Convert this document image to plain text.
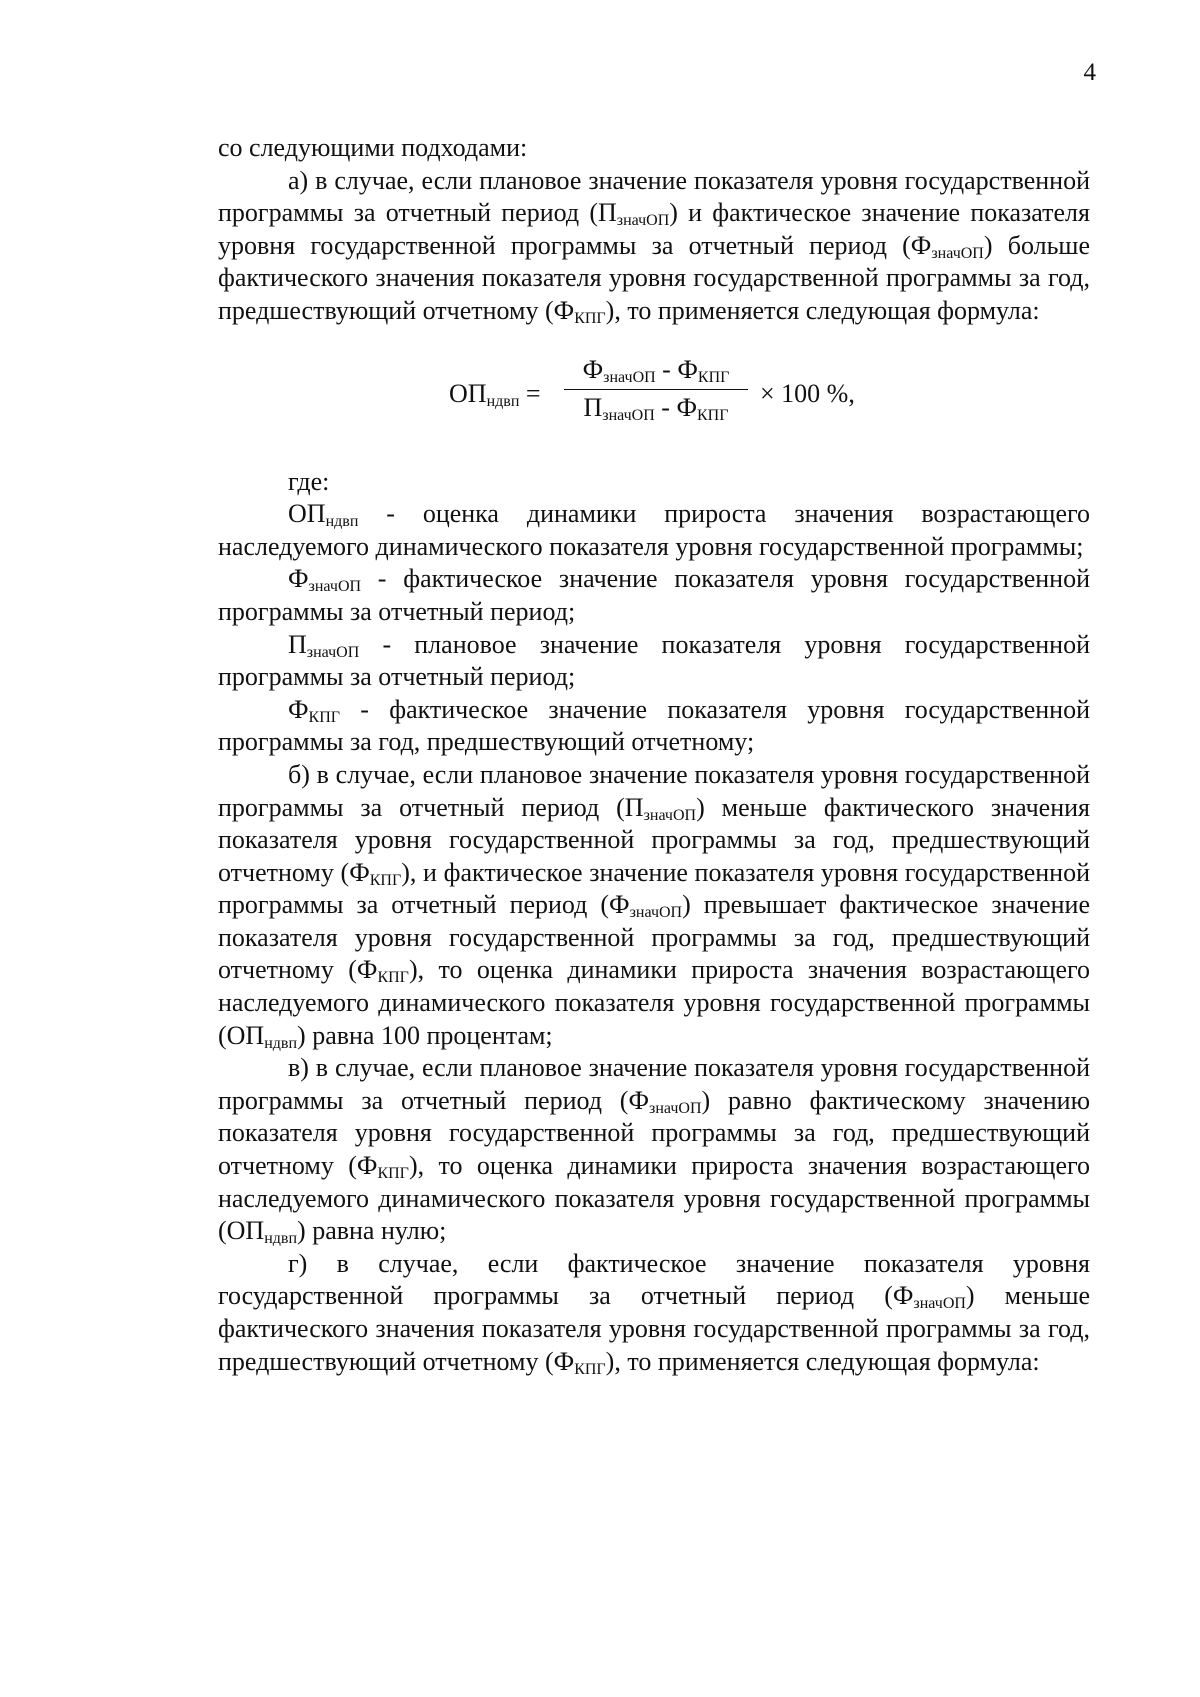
4

со следующими подходами:

а) в случае, если плановое значение показателя уровня государственной программы за отчетный период $(П_{значОП})$ и фактическое значение показателя уровня государственной программы за отчетный период $(Ф_{значОП})$ больше фактического значения показателя уровня государственной программы за год, предшествующий отчетному $(Ф_{КПГ})$, то применяется следующая формула:

$ОП_{ндвп}$ =
$Ф_{значОП} - Ф_{КПГ}$
$П_{значОП} - Ф_{КПГ}$
× 100 %,

где:

$ОП_{ндвп}$ - оценка динамики прироста значения возрастающего наследуемого динамического показателя уровня государственной программы;

$Ф_{значОП}$ - фактическое значение показателя уровня государственной программы за отчетный период;

$П_{значОП}$ - плановое значение показателя уровня государственной программы за отчетный период;

$Ф_{КПГ}$ - фактическое значение показателя уровня государственной программы за год, предшествующий отчетному;

б) в случае, если плановое значение показателя уровня государственной программы за отчетный период $(П_{значОП})$ меньше фактического значения показателя уровня государственной программы за год, предшествующий отчетному $(Ф_{КПГ})$, и фактическое значение показателя уровня государственной программы за отчетный период $(Ф_{значОП})$ превышает фактическое значение показателя уровня государственной программы за год, предшествующий отчетному $(Ф_{КПГ})$, то оценка динамики прироста значения возрастающего наследуемого динамического показателя уровня государственной программы $(ОП_{ндвп})$ равна 100 процентам;

в) в случае, если плановое значение показателя уровня государственной программы за отчетный период $(Ф_{значОП})$ равно фактическому значению показателя уровня государственной программы за год, предшествующий отчетному $(Ф_{КПГ})$, то оценка динамики прироста значения возрастающего наследуемого динамического показателя уровня государственной программы $(ОП_{ндвп})$ равна нулю;

г) в случае, если фактическое значение показателя уровня государственной программы за отчетный период $(Ф_{значОП})$ меньше фактического значения показателя уровня государственной программы за год, предшествующий отчетному $(Ф_{КПГ})$, то применяется следующая формула:
